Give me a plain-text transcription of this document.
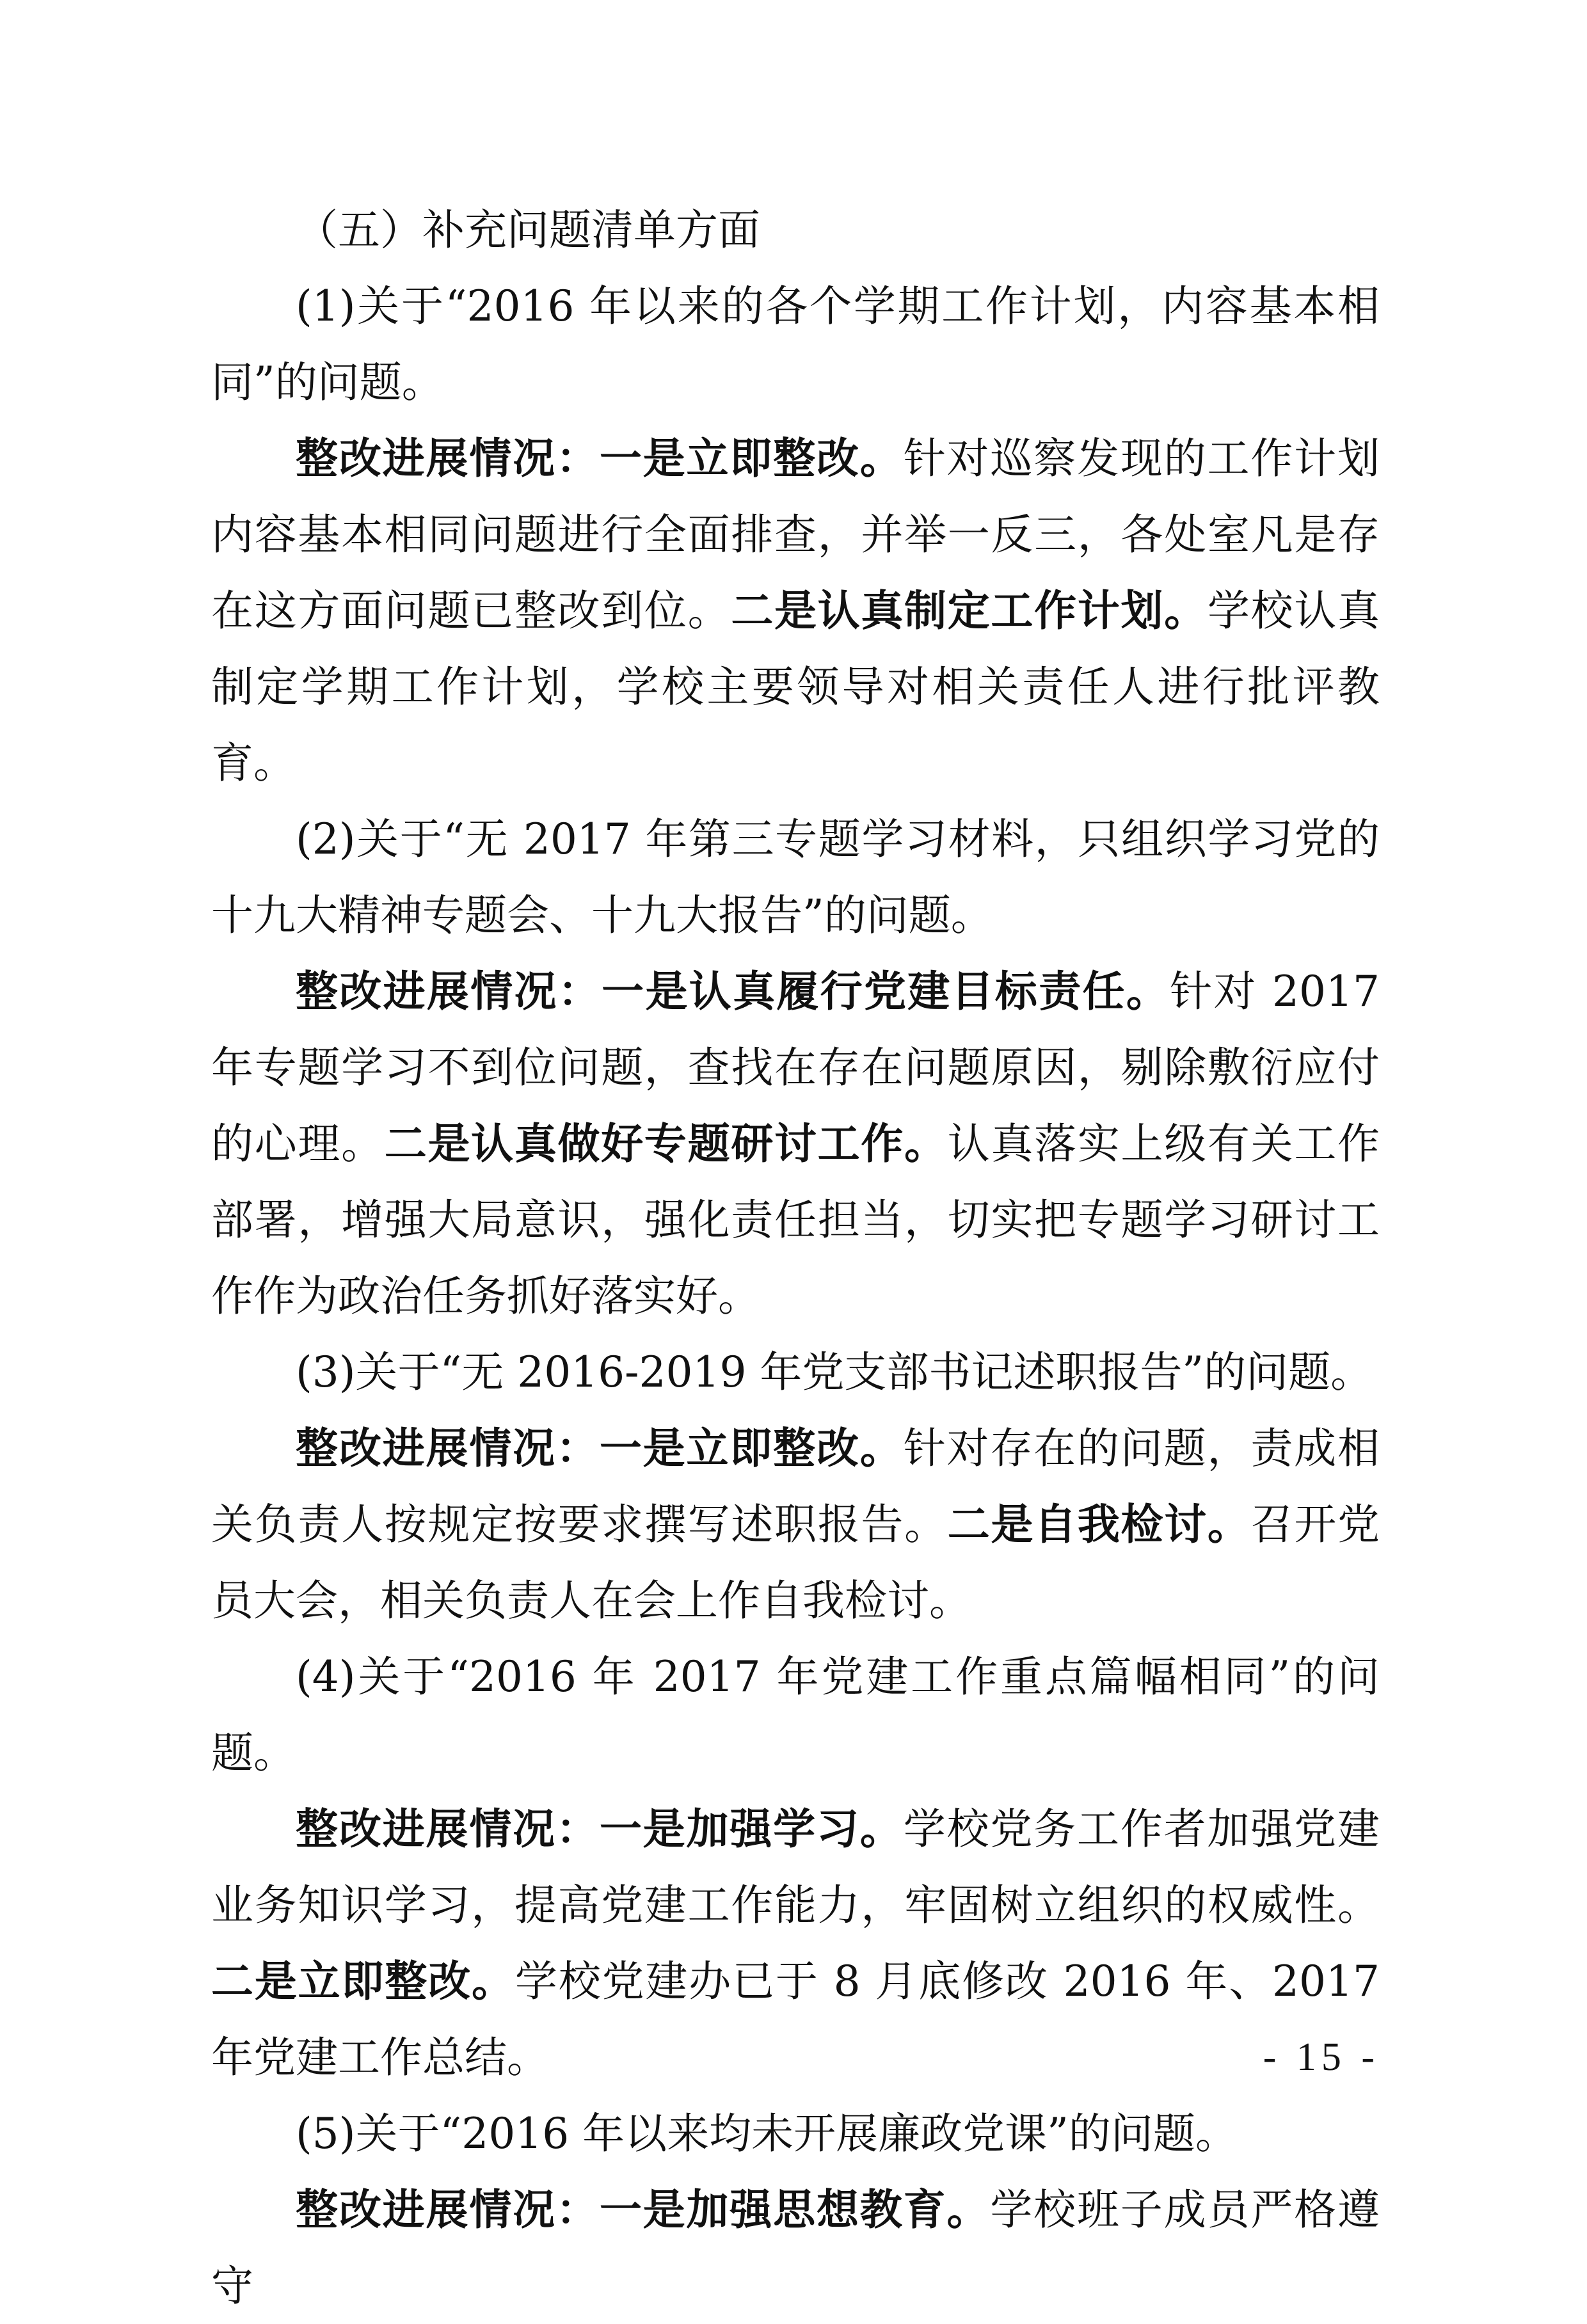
（五）补充问题清单方面

(1)关于“2016 年以来的各个学期工作计划，内容基本相同”的问题。

整改进展情况：一是立即整改。针对巡察发现的工作计划内容基本相同问题进行全面排查，并举一反三，各处室凡是存在这方面问题已整改到位。二是认真制定工作计划。学校认真制定学期工作计划，学校主要领导对相关责任人进行批评教育。

(2)关于“无 2017 年第三专题学习材料，只组织学习党的十九大精神专题会、十九大报告”的问题。

整改进展情况：一是认真履行党建目标责任。针对 2017 年专题学习不到位问题，查找在存在问题原因，剔除敷衍应付的心理。二是认真做好专题研讨工作。认真落实上级有关工作部署，增强大局意识，强化责任担当，切实把专题学习研讨工作作为政治任务抓好落实好。

(3)关于“无 2016-2019 年党支部书记述职报告”的问题。

整改进展情况：一是立即整改。针对存在的问题，责成相关负责人按规定按要求撰写述职报告。二是自我检讨。召开党员大会，相关负责人在会上作自我检讨。

(4)关于“2016 年 2017 年党建工作重点篇幅相同”的问题。

整改进展情况：一是加强学习。学校党务工作者加强党建业务知识学习，提高党建工作能力，牢固树立组织的权威性。二是立即整改。学校党建办已于 8 月底修改 2016 年、2017 年党建工作总结。

(5)关于“2016 年以来均未开展廉政党课”的问题。

整改进展情况：一是加强思想教育。学校班子成员严格遵守

- 15 -
